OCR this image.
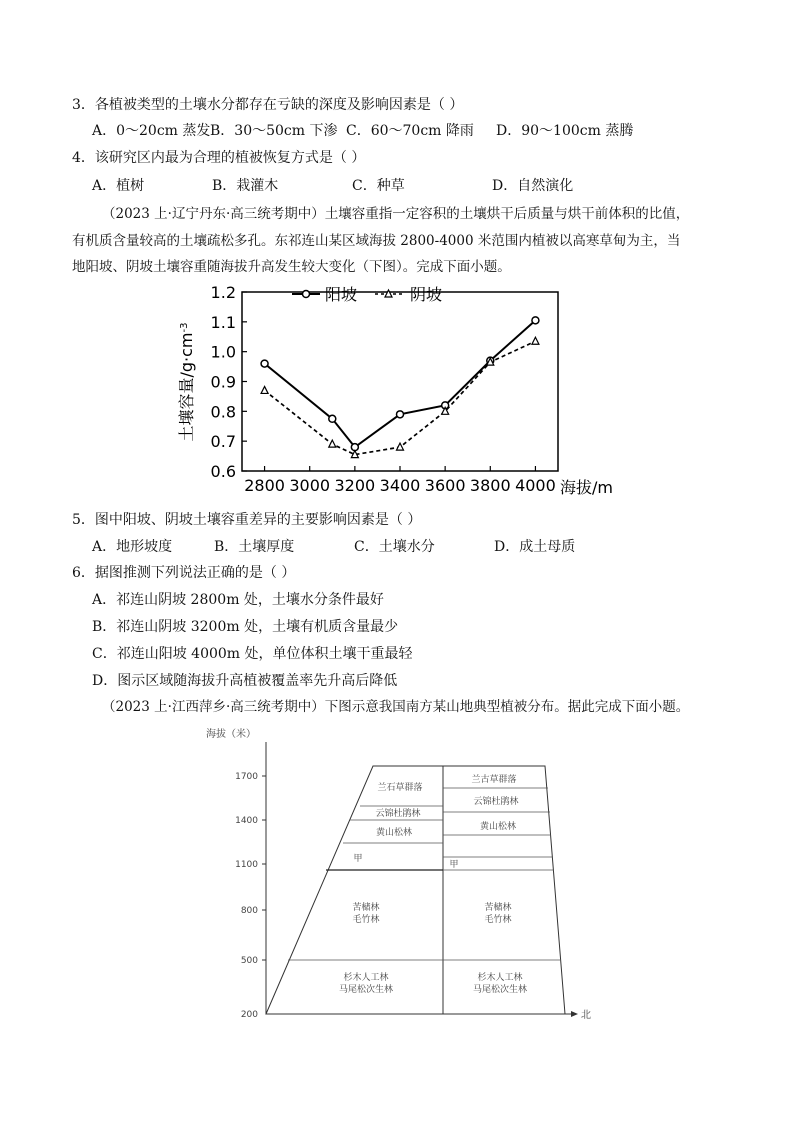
3．各植被类型的土壤水分都存在亏缺的深度及影响因素是（ ）
A．0～20cm 蒸发 B．30～50cm 下渗 C．60～70cm 降雨	D．90～100cm 蒸腾
4．该研究区内最为合理的植被恢复方式是（ ）
A．植树	B．栽灌木	C．种草	D．自然演化
（2023 上·辽宁丹东·高三统考期中）土壤容重指一定容积的土壤烘干后质量与烘干前体积的比值，
有机质含量较高的土壤疏松多孔。东祁连山某区域海拔 2800-4000 米范围内植被以高寒草甸为主，当
地阳坡、阴坡土壤容重随海拔升高发生较大变化（下图）。完成下面小题。
1.2
1.1
1.0
0.9
0.8
0.7
0.6
2800 3000 3200 3400 3600 3800 4000
土壤容量$/g\cdot cm^{-3}$
海拔/m
阳坡	阴坡
5．图中阳坡、阴坡土壤容重差异的主要影响因素是（ ）
A．地形坡度	B．土壤厚度	C．土壤水分	D．成土母质
6．据图推测下列说法正确的是（ ）
A．祁连山阴坡 2800m 处，土壤水分条件最好
B．祁连山阴坡 3200m 处，土壤有机质含量最少
C．祁连山阳坡 4000m 处，单位体积土壤干重最轻
D．图示区域随海拔升高植被覆盖率先升高后降低
（2023 上·江西萍乡·高三统考期中）下图示意我国南方某山地典型植被分布。据此完成下面小题。
海拔（米）
北
1700
1400
1100
800
500
200
兰石草群落
云锦杜鹃林
黄山松林
甲
苦槠林毛竹林
杉木人工林马尾松次生林
兰古草群落
云锦杜鹃林
黄山松林
甲
苦槠林毛竹林
杉木人工林马尾松次生林
